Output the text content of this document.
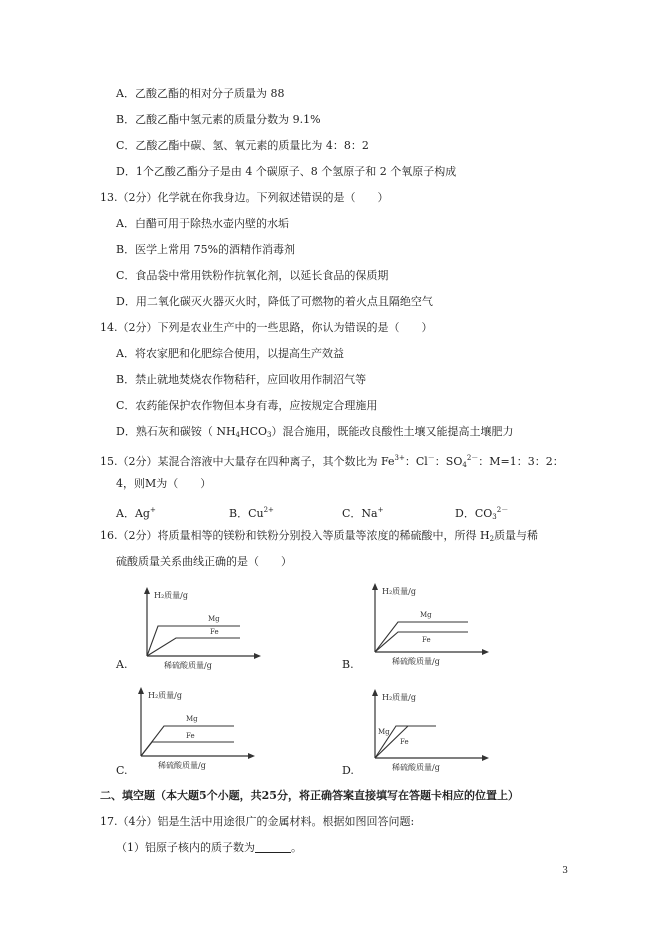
A．乙酸乙酯的相对分子质量为 88
B．乙酸乙酯中氢元素的质量分数为 9.1%
C．乙酸乙酯中碳、氢、氧元素的质量比为 4：8：2
D．1个乙酸乙酯分子是由 4 个碳原子、8 个氢原子和 2 个氧原子构成
13.（2分）化学就在你我身边。下列叙述错误的是（　　）
A．白醋可用于除热水壶内壁的水垢
B．医学上常用 75%的酒精作消毒剂
C．食品袋中常用铁粉作抗氧化剂，以延长食品的保质期
D．用二氧化碳灭火器灭火时，降低了可燃物的着火点且隔绝空气
14.（2分）下列是农业生产中的一些思路，你认为错误的是（　　）
A．将农家肥和化肥综合使用，以提高生产效益
B．禁止就地焚烧农作物秸秆，应回收用作制沼气等
C．农药能保护农作物但本身有毒，应按规定合理施用
D．熟石灰和碳铵（ $NH_4HCO_3$）混合施用，既能改良酸性土壤又能提高土壤肥力
15.（2分）某混合溶液中大量存在四种离子，其个数比为 $Fe^{3+}$：Cl－：$SO_4^{2-}$：M=1：3：2：
4，则M为（　　）
A．Ag+	B．$Cu^{2+}$	C．Na+	D．$CO_3^{2-}$
16.（2分）将质量相等的镁粉和铁粉分别投入等质量等浓度的稀硫酸中，所得 $H_2$质量与稀
硫酸质量关系曲线正确的是（　　）
H₂质量/g
Mg
Fe
稀硫酸质量/g
A.
H₂质量/g
Mg
Fe
稀硫酸质量/g
B.
H₂质量/g
Mg
Fe
稀硫酸质量/g
C.
H₂质量/g
Mg
Fe
稀硫酸质量/g
D.
二、填空题（本大题5个小题，共25分，将正确答案直接填写在答题卡相应的位置上）
17.（4分）铝是生活中用途很广的金属材料。根据如图回答问题:
（1）铝原子核内的质子数为	。
3
